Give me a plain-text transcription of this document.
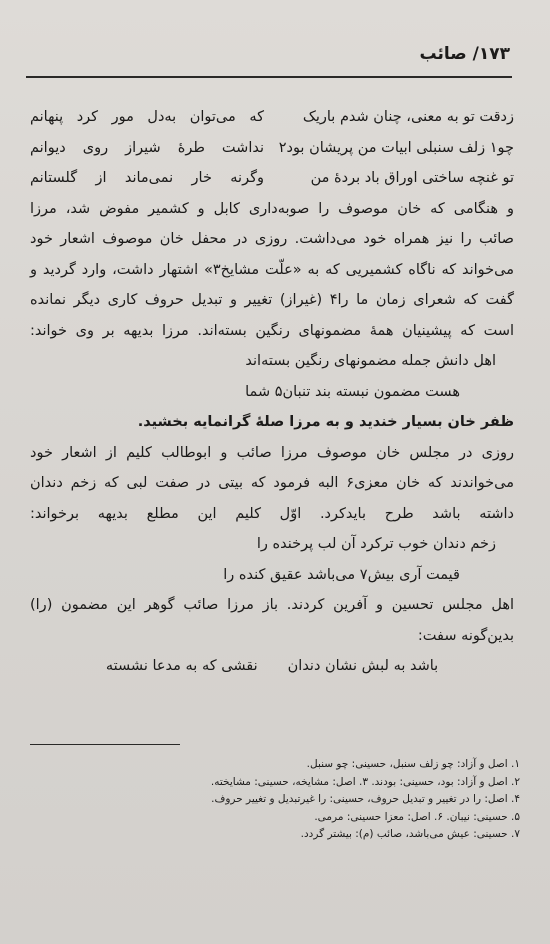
۱۷۳/ صائب
زدقت تو به معنی، چنان شدم باریک
که می‌توان به‌دل مور کرد پنهانم
چو۱ زلف سنبلی ابیات من پریشان بود۲
نداشت طرهٔ شیراز روی دیوانم
تو غنچه ساختی اوراق باد بردهٔ من
وگرنه خار نمی‌ماند از گلستانم
و هنگامی که خان موصوف را صوبه‌داری کابل و کشمیر مفوض شد، مرزا
صائب را نیز همراه خود می‌داشت. روزی در محفل خان موصوف اشعار خود
می‌خواند که ناگاه کشمیریی که به «علّت مشایخ۳» اشتهار داشت، وارد گردید و
گفت که شعرای زمان ما را۴ (غیراز) تغییر و تبدیل حروف کاری دیگر نمانده
است که پیشینیان همهٔ مضمونهای رنگین بسته‌اند. مرزا بدیهه بر وی خواند:
اهل دانش جمله مضمونهای رنگین بسته‌اند
هست مضمون نبسته بند تنبان۵ شما
ظفر خان بسیار خندید و به مرزا صلهٔ گرانمایه بخشید.
روزی در مجلس خان موصوف مرزا صائب و ابوطالب کلیم از اشعار خود
می‌خواندند که خان معزی۶ البه فرمود که بیتی در صفت لبی که زخم دندان
داشته باشد طرح بایدکرد. اوّل کلیم این مطلع بدیهه برخواند:
زخم دندان خوب ترکرد آن لب پرخنده را
قیمت آری بیش۷ می‌باشد عقیق کنده را
اهل مجلس تحسین و آفرین کردند. باز مرزا صائب گوهر این مضمون (را)
بدین‌گونه سفت:
باشد به لبش نشان دندان
نقشی که به مدعا نشسته
۱. اصل و آزاد: چو زلف سنبل، حسینی: چو سنبل.
۲. اصل و آزاد: بود، حسینی: بودند. ۳. اصل: مشایخه، حسینی: مشایخته.
۴. اصل: را در تغییر و تبدیل حروف، حسینی: را غیرتبدیل و تغییر حروف.
۵. حسینی: نیبان. ۶. اصل: معزا حسینی: مرمی.
۷. حسینی: عیش می‌باشد، صائب (م): بیشتر گردد.
